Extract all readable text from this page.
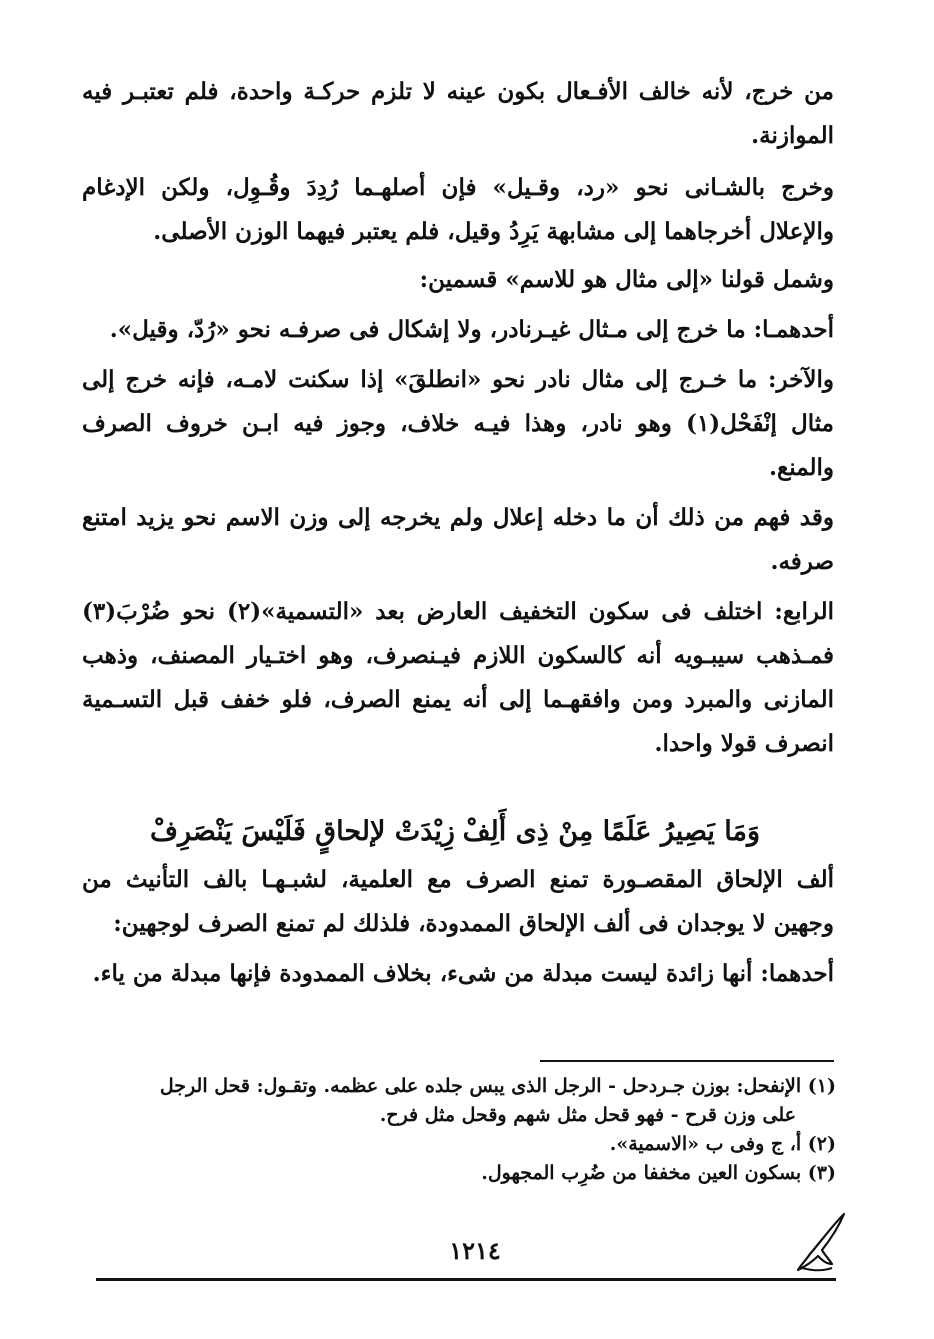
من خرج، لأنه خالف الأفـعال بكون عينه لا تلزم حركـة واحدة، فلم تعتبـر فيه الموازنة.

وخرج بالشـانى نحو «رد، وقـيل» فإن أصلهـما رُدِدَ وقُـوِل، ولكن الإدغام والإعلال أخرجاهما إلى مشابهة يَرِدُ وقيل، فلم يعتبر فيهما الوزن الأصلى.

وشمل قولنا «إلى مثال هو للاسم» قسمين:

أحدهمـا: ما خرج إلى مـثال غيـرنادر، ولا إشكال فى صرفـه نحو «رُدّ، وقيل».

والآخر: ما خـرج إلى مثال نادر نحو «انطلقَ» إذا سكنت لامـه، فإنه خرج إلى مثال إنْفَحْل(١) وهو نادر، وهذا فيـه خلاف، وجوز فيه ابـن خروف الصرف والمنع.

وقد فهم من ذلك أن ما دخله إعلال ولم يخرجه إلى وزن الاسم نحو يزيد امتنع صرفه.

الرابع: اختلف فى سكون التخفيف العارض بعد «التسمية»(٢) نحو ضُرْبَ(٣) فمـذهب سيبـويه أنه كالسكون اللازم فيـنصرف، وهو اختـيار المصنف، وذهب المازنى والمبرد ومن وافقهـما إلى أنه يمنع الصرف، فلو خفف قبل التسـمية انصرف قولا واحدا.

وَمَا يَصِيرُ عَلَمًا مِنْ ذِى أَلِفْ
زِيْدَتْ لإلحاقٍ فَلَيْسَ يَنْصَرِفْ

ألف الإلحاق المقصـورة تمنع الصرف مع العلمية، لشبـهـا بالف التأنيث من وجهين لا يوجدان فى ألف الإلحاق الممدودة، فلذلك لم تمنع الصرف لوجهين:

أحدهما: أنها زائدة ليست مبدلة من شىء، بخلاف الممدودة فإنها مبدلة من ياء.

(١) الإنفحل: بوزن جـردحل - الرجل الذى يبس جلده على عظمه. وتقـول: قحل الرجل

على وزن قرح - فهو قحل مثل شهم وقحل مثل فرح.

(٢) أ، ج وفى ب «الاسمية».

(٣) بسكون العين مخففا من ضُرِب المجهول.

١٢١٤
